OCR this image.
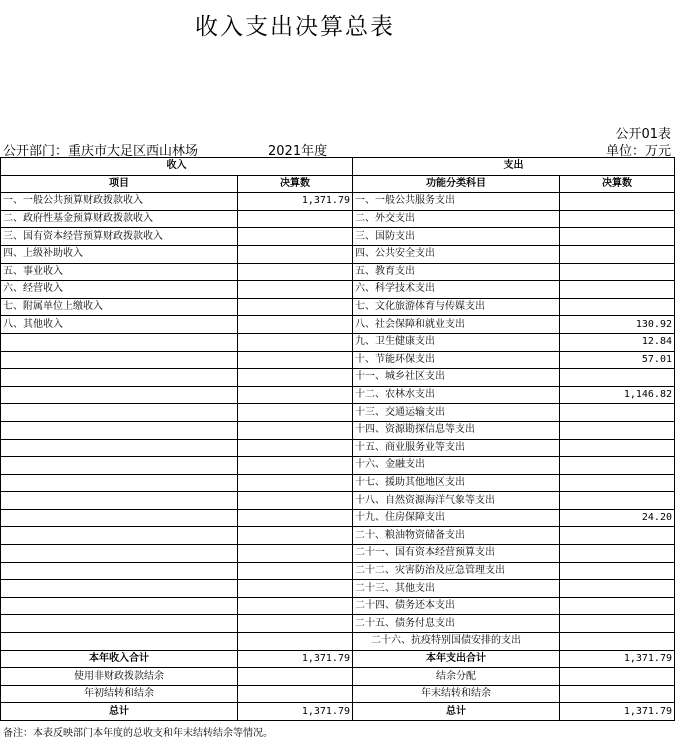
收入支出决算总表
公开01表
公开部门：重庆市大足区西山林场	2021年度	单位：万元
收入		支出	
项目	决算数	功能分类科目	决算数
一、一般公共预算财政拨款收入	1,371.79	一、一般公共服务支出	
二、政府性基金预算财政拨款收入		二、外交支出	
三、国有资本经营预算财政拨款收入		三、国防支出	
四、上级补助收入		四、公共安全支出	
五、事业收入		五、教育支出	
六、经营收入		六、科学技术支出	
七、附属单位上缴收入		七、文化旅游体育与传媒支出	
八、其他收入		八、社会保障和就业支出	130.92
		九、卫生健康支出	12.84
		十、节能环保支出	57.01
		十一、城乡社区支出	
		十二、农林水支出	1,146.82
		十三、交通运输支出	
		十四、资源勘探信息等支出	
		十五、商业服务业等支出	
		十六、金融支出	
		十七、援助其他地区支出	
		十八、自然资源海洋气象等支出	
		十九、住房保障支出	24.20
		二十、粮油物资储备支出	
		二十一、国有资本经营预算支出	
		二十二、灾害防治及应急管理支出	
		二十三、其他支出	
		二十四、债务还本支出	
		二十五、债务付息支出	
		二十六、抗疫特别国债安排的支出	
本年收入合计	1,371.79	本年支出合计	1,371.79
使用非财政拨款结余		结余分配	
年初结转和结余		年末结转和结余	
总计	1,371.79	总计	1,371.79
备注：本表反映部门本年度的总收支和年末结转结余等情况。
